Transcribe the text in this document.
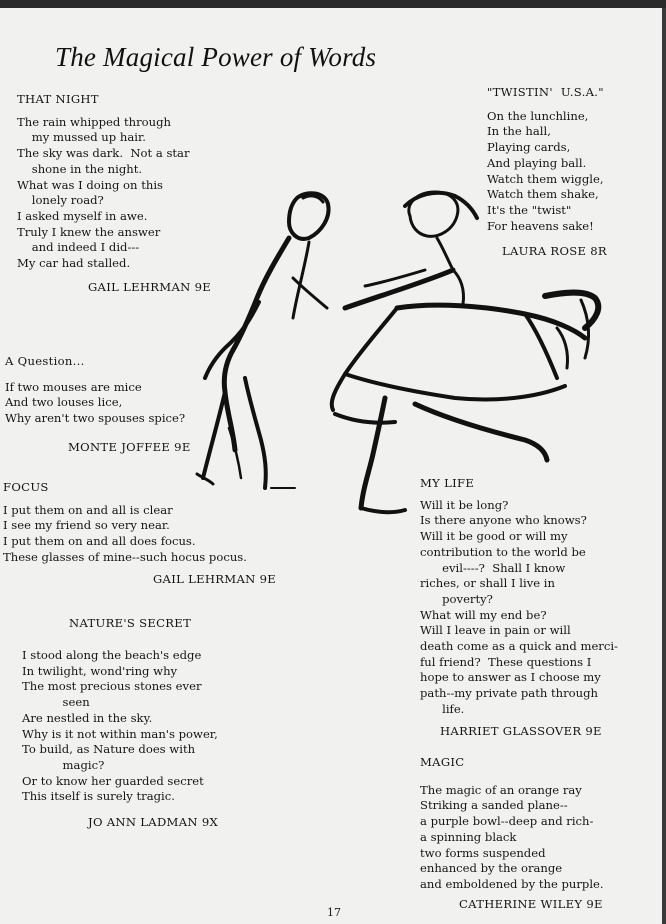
The Magical Power of Words
THAT NIGHT
The rain whipped through
my mussed up hair.
The sky was dark.  Not a star
shone in the night.
What was I doing on this
lonely road?
I asked myself in awe.
Truly I knew the answer
and indeed I did---
My car had stalled.
GAIL LEHRMAN 9E
"TWISTIN'  U.S.A."
On the lunchline,
In the hall,
Playing cards,
And playing ball.
Watch them wiggle,
Watch them shake,
It's the "twist"
For heavens sake!
LAURA ROSE 8R
A Question...
If two mouses are mice
And two louses lice,
Why aren't two spouses spice?
MONTE JOFFEE 9E
FOCUS
I put them on and all is clear
I see my friend so very near.
I put them on and all does focus.
These glasses of mine--such hocus pocus.
GAIL LEHRMAN 9E
NATURE'S SECRET
I stood along the beach's edge
In twilight, wond'ring why
The most precious stones ever
seen
Are nestled in the sky.
Why is it not within man's power,
To build, as Nature does with
magic?
Or to know her guarded secret
This itself is surely tragic.
JO ANN LADMAN 9X
MY LIFE
Will it be long?
Is there anyone who knows?
Will it be good or will my
contribution to the world be
evil----?  Shall I know
riches, or shall I live in
poverty?
What will my end be?
Will I leave in pain or will
death come as a quick and merci-
ful friend?  These questions I
hope to answer as I choose my
path--my private path through
life.
HARRIET GLASSOVER 9E
MAGIC
The magic of an orange ray
Striking a sanded plane--
a purple bowl--deep and rich-
a spinning black
two forms suspended
enhanced by the orange
and emboldened by the purple.
CATHERINE WILEY 9E
17
